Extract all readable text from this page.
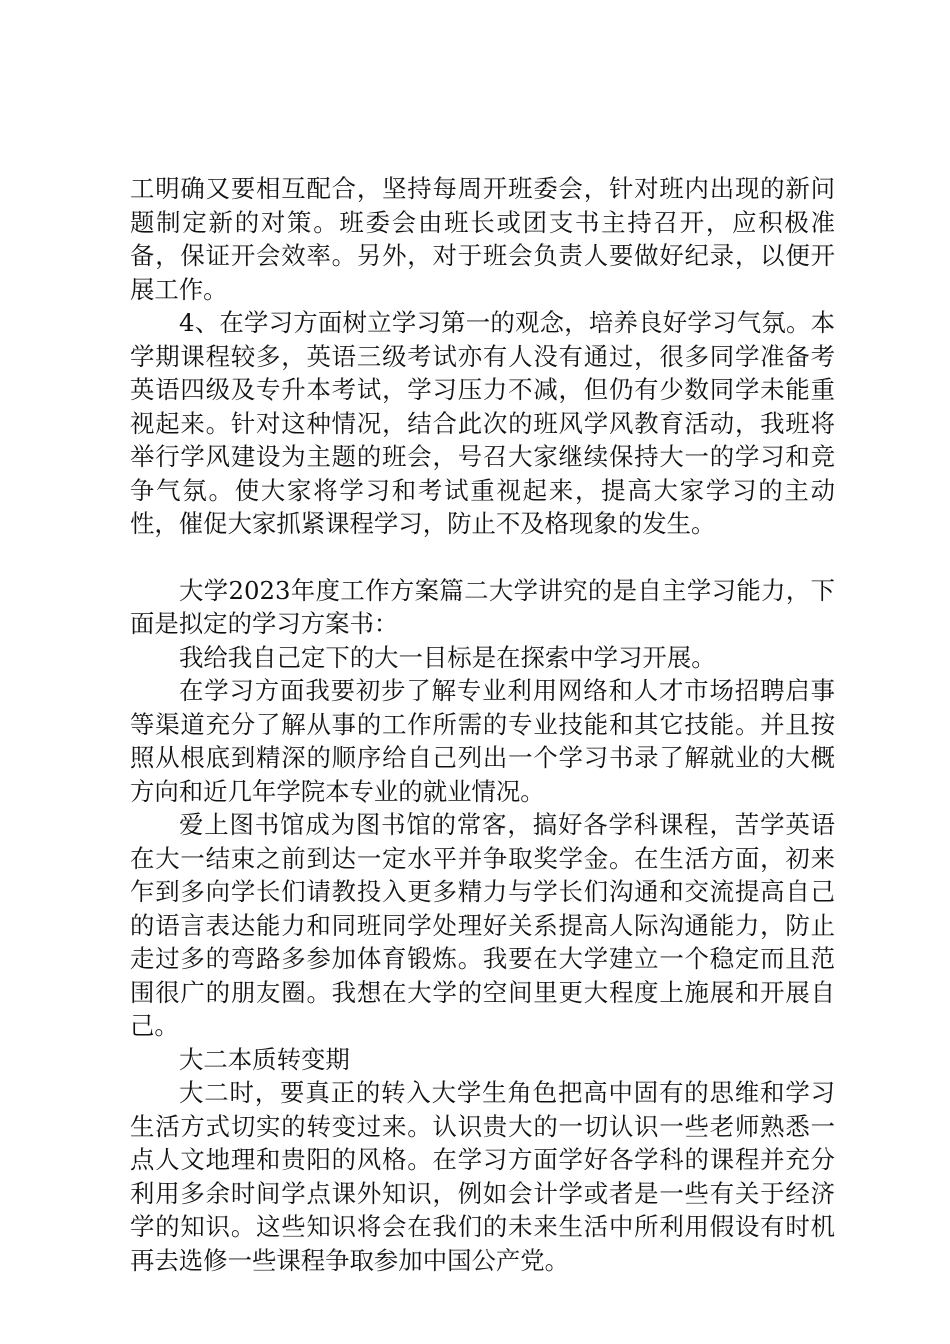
工明确又要相互配合，坚持每周开班委会，针对班内出现的新问题制定新的对策。班委会由班长或团支书主持召开，应积极准备，保证开会效率。另外，对于班会负责人要做好纪录，以便开展工作。

4、在学习方面树立学习第一的观念，培养良好学习气氛。本学期课程较多，英语三级考试亦有人没有通过，很多同学准备考英语四级及专升本考试，学习压力不减，但仍有少数同学未能重视起来。针对这种情况，结合此次的班风学风教育活动，我班将举行学风建设为主题的班会，号召大家继续保持大一的学习和竞争气氛。使大家将学习和考试重视起来，提高大家学习的主动性，催促大家抓紧课程学习，防止不及格现象的发生。

大学2023年度工作方案篇二大学讲究的是自主学习能力，下面是拟定的学习方案书：

我给我自己定下的大一目标是在探索中学习开展。

在学习方面我要初步了解专业利用网络和人才市场招聘启事等渠道充分了解从事的工作所需的专业技能和其它技能。并且按照从根底到精深的顺序给自己列出一个学习书录了解就业的大概方向和近几年学院本专业的就业情况。

爱上图书馆成为图书馆的常客，搞好各学科课程，苦学英语在大一结束之前到达一定水平并争取奖学金。在生活方面，初来乍到多向学长们请教投入更多精力与学长们沟通和交流提高自己的语言表达能力和同班同学处理好关系提高人际沟通能力，防止走过多的弯路多参加体育锻炼。我要在大学建立一个稳定而且范围很广的朋友圈。我想在大学的空间里更大程度上施展和开展自己。

大二本质转变期

大二时，要真正的转入大学生角色把高中固有的思维和学习生活方式切实的转变过来。认识贵大的一切认识一些老师熟悉一点人文地理和贵阳的风格。在学习方面学好各学科的课程并充分利用多余时间学点课外知识，例如会计学或者是一些有关于经济学的知识。这些知识将会在我们的未来生活中所利用假设有时机再去选修一些课程争取参加中国公产党。
